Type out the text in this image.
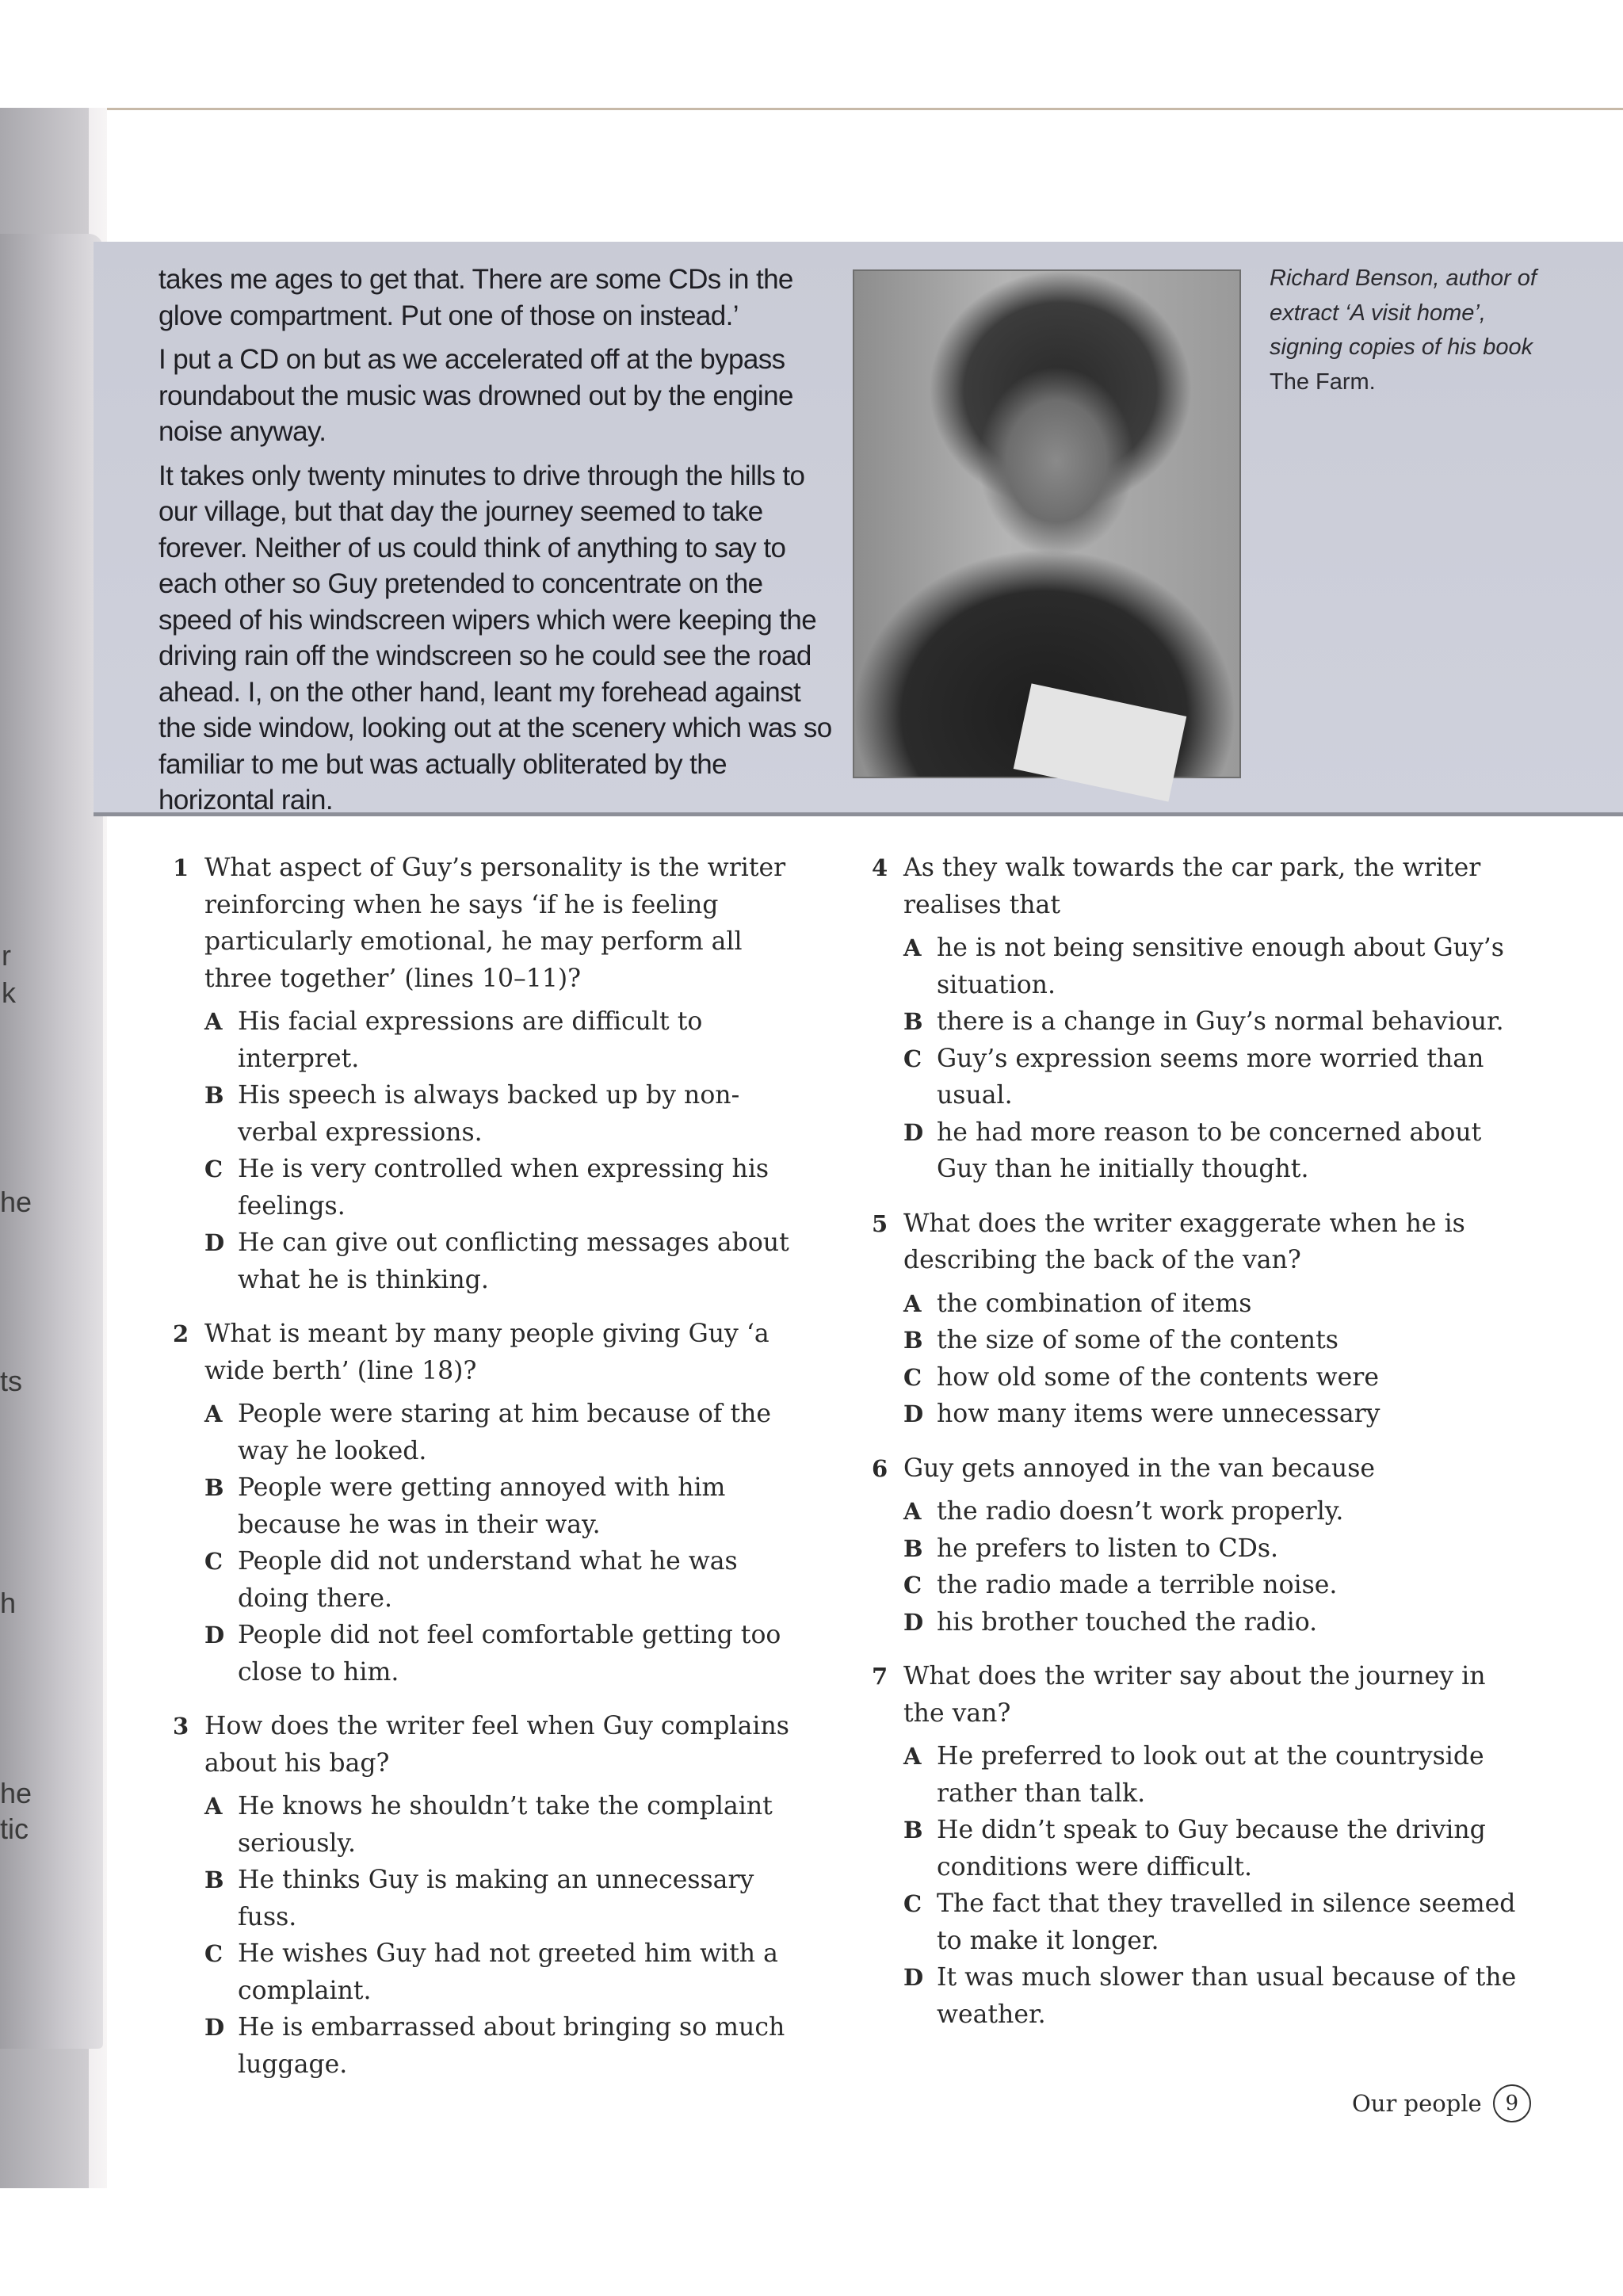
r
k
he
ts
h
he
tic

takes me ages to get that. There are some CDs in the glove compartment. Put one of those on instead.’

I put a CD on but as we accelerated off at the bypass roundabout the music was drowned out by the engine noise anyway.

It takes only twenty minutes to drive through the hills to our village, but that day the journey seemed to take forever. Neither of us could think of anything to say to each other so Guy pretended to concentrate on the speed of his windscreen wipers which were keeping the driving rain off the windscreen so he could see the road ahead. I, on the other hand, leant my forehead against the side window, looking out at the scenery which was so familiar to me but was actually obliterated by the horizontal rain.

Richard Benson, author of extract ‘A visit home’, signing copies of his book The Farm.
1 What aspect of Guy’s personality is the writer reinforcing when he says ‘if he is feeling particularly emotional, he may perform all three together’ (lines 10–11)?
A His facial expressions are difficult to interpret.
B His speech is always backed up by non-verbal expressions.
C He is very controlled when expressing his feelings.
D He can give out conflicting messages about what he is thinking.
2 What is meant by many people giving Guy ‘a wide berth’ (line 18)?
A People were staring at him because of the way he looked.
B People were getting annoyed with him because he was in their way.
C People did not understand what he was doing there.
D People did not feel comfortable getting too close to him.
3 How does the writer feel when Guy complains about his bag?
A He knows he shouldn’t take the complaint seriously.
B He thinks Guy is making an unnecessary fuss.
C He wishes Guy had not greeted him with a complaint.
D He is embarrassed about bringing so much luggage.
4 As they walk towards the car park, the writer realises that
A he is not being sensitive enough about Guy’s situation.
B there is a change in Guy’s normal behaviour.
C Guy’s expression seems more worried than usual.
D he had more reason to be concerned about Guy than he initially thought.
5 What does the writer exaggerate when he is describing the back of the van?
A the combination of items
B the size of some of the contents
C how old some of the contents were
D how many items were unnecessary
6 Guy gets annoyed in the van because
A the radio doesn’t work properly.
B he prefers to listen to CDs.
C the radio made a terrible noise.
D his brother touched the radio.
7 What does the writer say about the journey in the van?
A He preferred to look out at the countryside rather than talk.
B He didn’t speak to Guy because the driving conditions were difficult.
C The fact that they travelled in silence seemed to make it longer.
D It was much slower than usual because of the weather.
Our people	9
